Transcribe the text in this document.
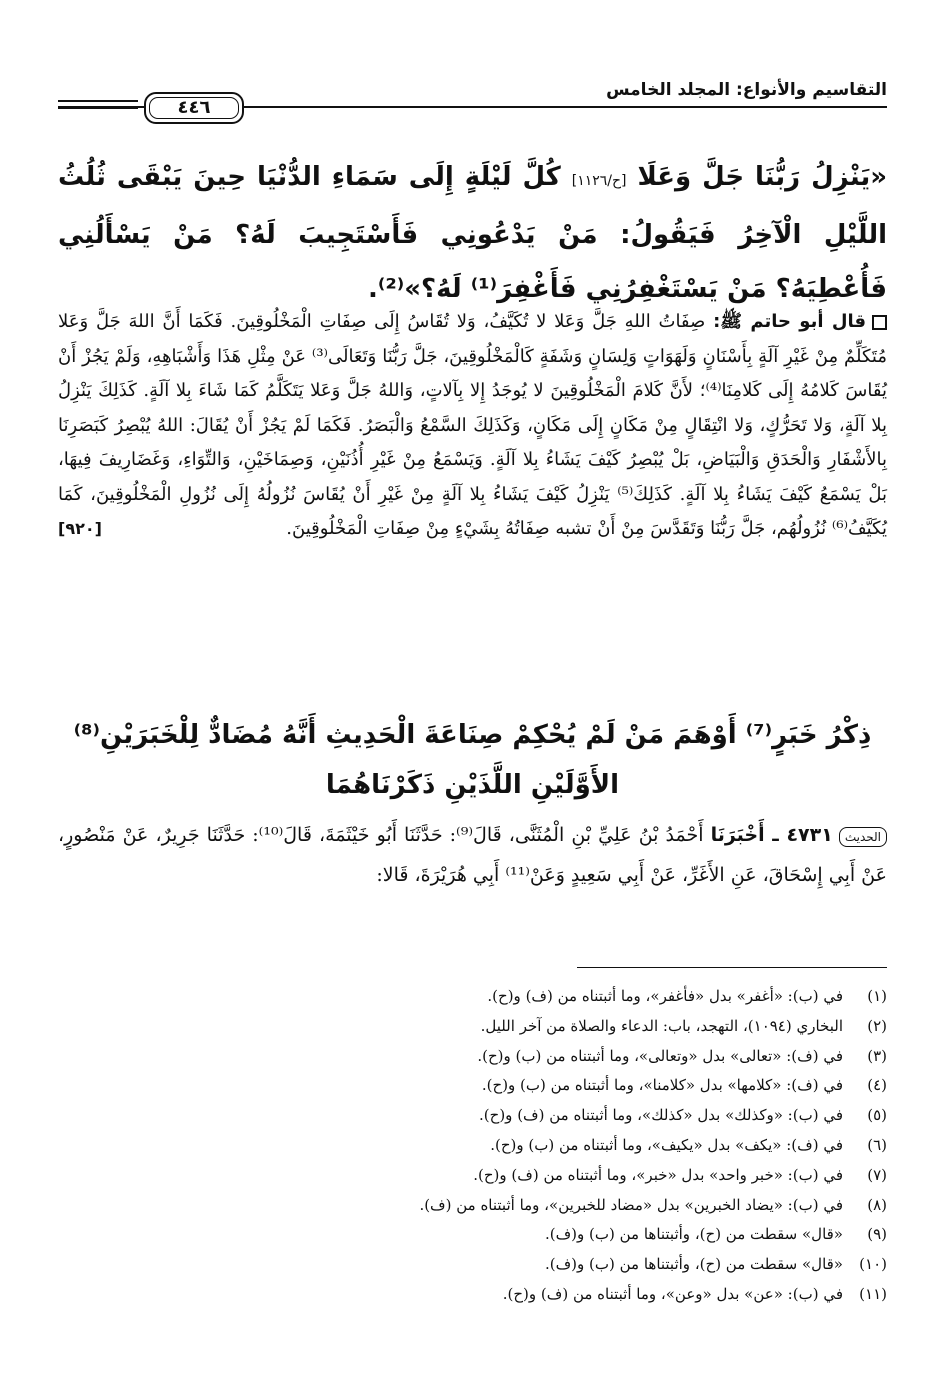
التقاسيم والأنواع: المجلد الخامس
٤٤٦
«يَنْزِلُ رَبُّنَا جَلَّ وَعَلَا [ح/١١٢٦] كُلَّ لَيْلَةٍ إِلَى سَمَاءِ الدُّنْيَا حِينَ يَبْقَى ثُلُثُ اللَّيْلِ الْآخِرُ فَيَقُولُ: مَنْ يَدْعُونِي فَأَسْتَجِيبَ لَهُ؟ مَنْ يَسْأَلُنِي فَأُعْطِيَهُ؟ مَنْ يَسْتَغْفِرُنِي فَأَغْفِرَ⁽¹⁾ لَهُ؟»⁽²⁾.
قال أبو حاتم ﷺ: صِفَاتُ اللهِ جَلَّ وَعَلا لا تُكَيَّفُ، وَلا تُقَاسُ إِلَى صِفَاتِ الْمَخْلُوقِينَ. فَكَمَا أَنَّ اللهَ جَلَّ وَعَلا مُتَكَلِّمٌ مِنْ غَيْرِ آلَةٍ بِأَسْنَانٍ وَلَهَوَاتٍ وَلِسَانٍ وَشَفَةٍ كَالْمَخْلُوقِينَ، جَلَّ رَبُّنَا وَتَعَالَى⁽³⁾ عَنْ مِثْلِ هَذَا وَأَشْبَاهِهِ، وَلَمْ يَجُزْ أَنْ يُقَاسَ كَلامُهُ إِلَى كَلامِنَا⁽⁴⁾؛ لأَنَّ كَلامَ الْمَخْلُوقِينَ لا يُوجَدُ إِلا بِآلاتٍ، وَاللهُ جَلَّ وَعَلا يَتَكَلَّمُ كَمَا شَاءَ بِلا آلَةٍ. كَذَلِكَ يَنْزِلُ بِلا آلَةٍ، وَلا تَحَرُّكٍ، وَلا انْتِقَالٍ مِنْ مَكَانٍ إِلَى مَكَانٍ، وَكَذَلِكَ السَّمْعُ وَالْبَصَرُ. فَكَمَا لَمْ يَجُزْ أَنْ يُقَالَ: اللهُ يُبْصِرُ كَبَصَرِنَا بِالأَشْفَارِ وَالْحَدَقِ وَالْبَيَاضِ، بَلْ يُبْصِرُ كَيْفَ يَشَاءُ بِلا آلَةٍ. وَيَسْمَعُ مِنْ غَيْرِ أُذُنَيْنِ، وَصِمَاخَيْنِ، وَالتِّوَاءِ، وَغَضَارِيفَ فِيهَا، بَلْ يَسْمَعُ كَيْفَ يَشَاءُ بِلا آلَةٍ. كَذَلِكَ⁽⁵⁾ يَنْزِلُ كَيْفَ يَشَاءُ بِلا آلَةٍ مِنْ غَيْرِ أَنْ يُقَاسَ نُزُولُهُ إِلَى نُزُولِ الْمَخْلُوقِينَ، كَمَا يُكَيَّفُ⁽⁶⁾ نُزُولُهُم، جَلَّ رَبُّنَا وَتَقَدَّسَ مِنْ أَنْ تشبه صِفَاتُهُ بِشَيْءٍ مِنْ صِفَاتِ الْمَخْلُوقِينَ.
[٩٢٠]
ذِكْرُ خَبَرٍ⁽⁷⁾ أَوْهَمَ مَنْ لَمْ يُحْكِمْ صِنَاعَةَ الْحَدِيثِ أَنَّهُ مُضَادٌّ لِلْخَبَرَيْنِ⁽⁸⁾ الأَوَّلَيْنِ اللَّذَيْنِ ذَكَرْنَاهُمَا
الحديث٤٧٣١ ـ أَخْبَرَنَا أَحْمَدُ بْنُ عَلِيِّ بْنِ الْمُثَنَّى، قَالَ⁽⁹⁾: حَدَّثَنَا أَبُو خَيْثَمَةَ، قَالَ⁽¹⁰⁾: حَدَّثَنَا جَرِيرٌ، عَنْ مَنْصُورٍ، عَنْ أَبِي إِسْحَاقَ، عَنِ الأَغَرِّ، عَنْ أَبِي سَعِيدٍ وَعَنْ⁽¹¹⁾ أَبِي هُرَيْرَةَ، قَالا:
(١)في (ب): «أغفر» بدل «فأغفر»، وما أثبتناه من (ف) و(ح).
(٢)البخاري (١٠٩٤)، التهجد، باب: الدعاء والصلاة من آخر الليل.
(٣)في (ف): «تعالى» بدل «وتعالى»، وما أثبتناه من (ب) و(ح).
(٤)في (ف): «كلامها» بدل «كلامنا»، وما أثبتناه من (ب) و(ح).
(٥)في (ب): «وكذلك» بدل «كذلك»، وما أثبتناه من (ف) و(ح).
(٦)في (ف): «يكف» بدل «يكيف»، وما أثبتناه من (ب) و(ح).
(٧)في (ب): «خبر واحد» بدل «خبر»، وما أثبتناه من (ف) و(ح).
(٨)في (ب): «يضاد الخبرين» بدل «مضاد للخبرين»، وما أثبتناه من (ف).
(٩)«قال» سقطت من (ح)، وأثبتناها من (ب) و(ف).
(١٠)«قال» سقطت من (ح)، وأثبتناها من (ب) و(ف).
(١١)في (ب): «عن» بدل «وعن»، وما أثبتناه من (ف) و(ح).
